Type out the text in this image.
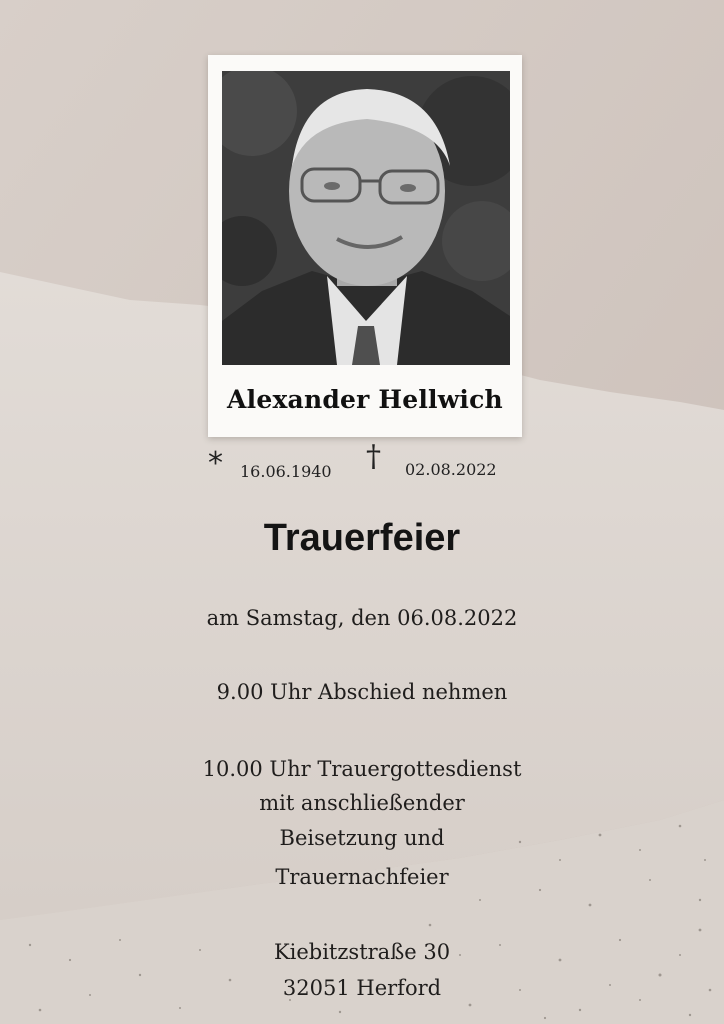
Alexander Hellwich
* 16.06.1940 † 02.08.2022
Trauerfeier
am Samstag, den 06.08.2022
9.00 Uhr Abschied nehmen
10.00 Uhr Trauergottesdienst
mit anschließender
Beisetzung und
Trauernachfeier
Kiebitzstraße 30
32051 Herford
